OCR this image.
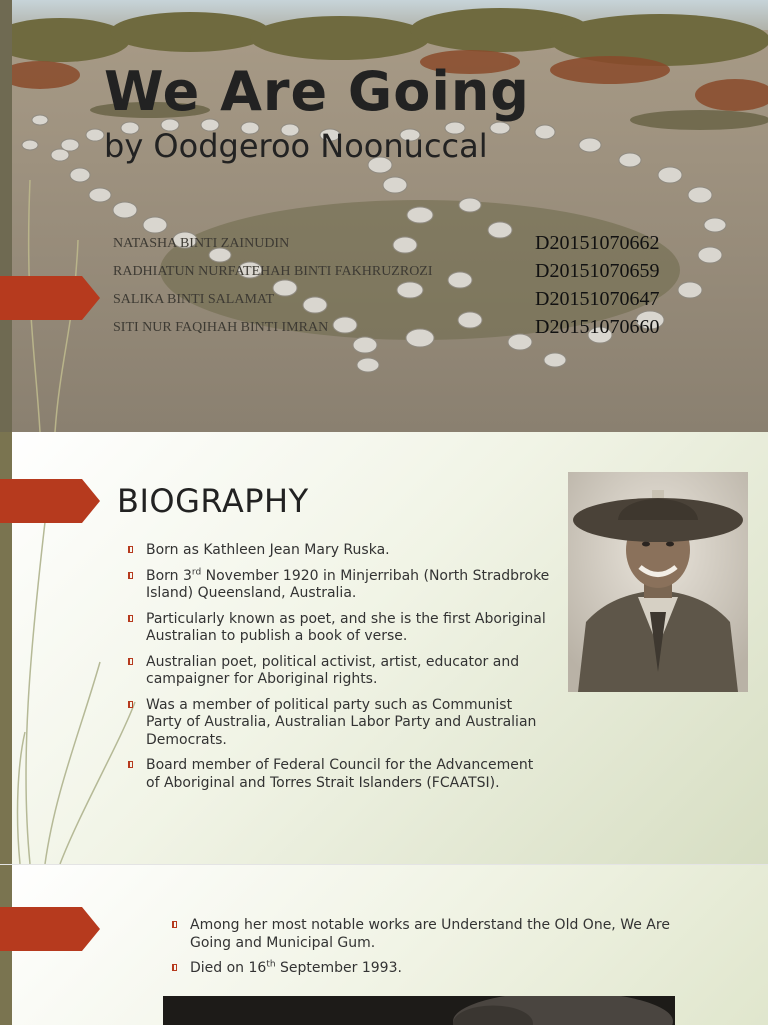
We Are Going
by Oodgeroo Noonuccal
NATASHA BINTI ZAINUDIN	D20151070662
RADHIATUN NURFATEHAH BINTI FAKHRUZROZI	D20151070659
SALIKA BINTI SALAMAT	D20151070647
SITI NUR FAQIHAH BINTI IMRAN	D20151070660
BIOGRAPHY
Born as Kathleen Jean Mary Ruska.
Born 3rd November 1920 in Minjerribah (North Stradbroke Island) Queensland, Australia.
Particularly known as poet, and she is the first Aboriginal Australian to publish a book of verse.
Australian poet, political activist, artist, educator and campaigner for Aboriginal rights.
Was a member of political party such as Communist Party of Australia, Australian Labor Party and Australian Democrats.
Board member of Federal Council for the Advancement of Aboriginal and Torres Strait Islanders (FCAATSI).
Among her most notable works are Understand the Old One, We Are Going and Municipal Gum.
Died on 16th September 1993.
